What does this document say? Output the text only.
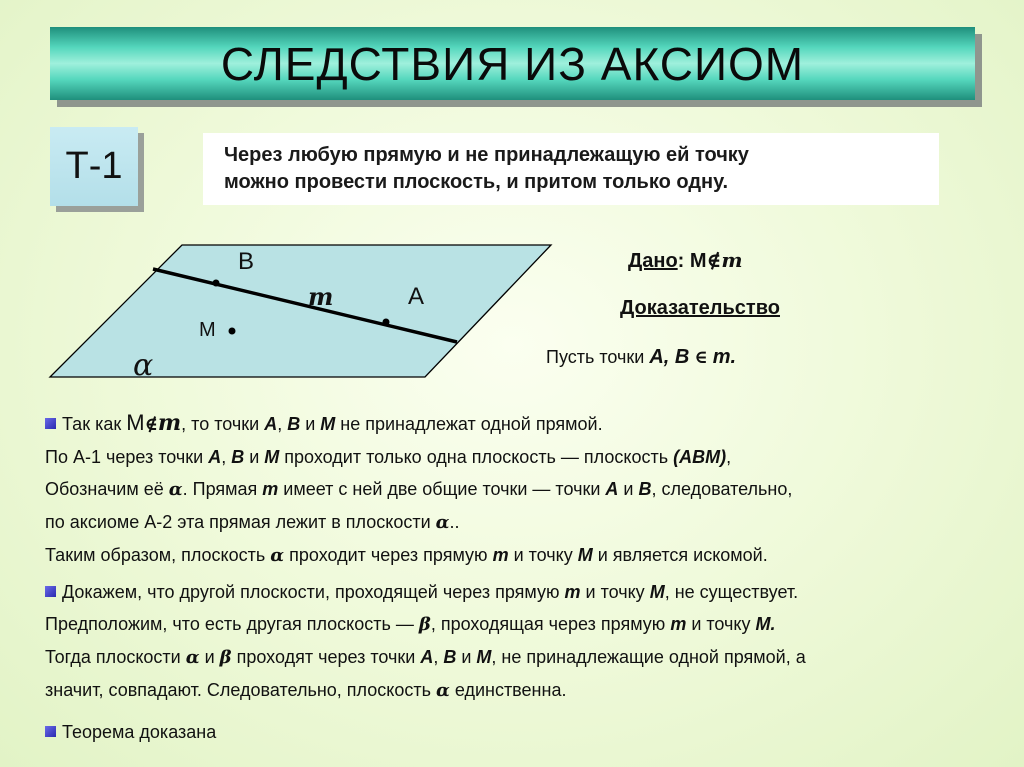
СЛЕДСТВИЯ ИЗ АКСИОМ
Т-1	Через любую прямую и не принадлежащую ей точку
можно провести плоскость, и притом только одну.
B
A
m
М
α
Дано: М∉m
Доказательство
Пусть точки A, B ∈ m.
Так как М∉m, то точки A, B и М не принадлежат одной прямой.
По А-1 через точки A, B и М проходит только одна плоскость — плоскость (АВМ),
Обозначим её α. Прямая m имеет с ней две общие точки — точки A и B, следовательно,
по аксиоме А-2 эта прямая лежит в плоскости α..
Таким образом, плоскость α проходит через прямую m и точку М и является искомой.
Докажем, что другой плоскости, проходящей через прямую m и точку М, не существует.
Предположим, что есть другая плоскость — β, проходящая через прямую m и точку М.
Тогда плоскости α и β проходят через точки A, B и М, не принадлежащие одной прямой, а
значит, совпадают. Следовательно, плоскость α единственна.
Теорема доказана
